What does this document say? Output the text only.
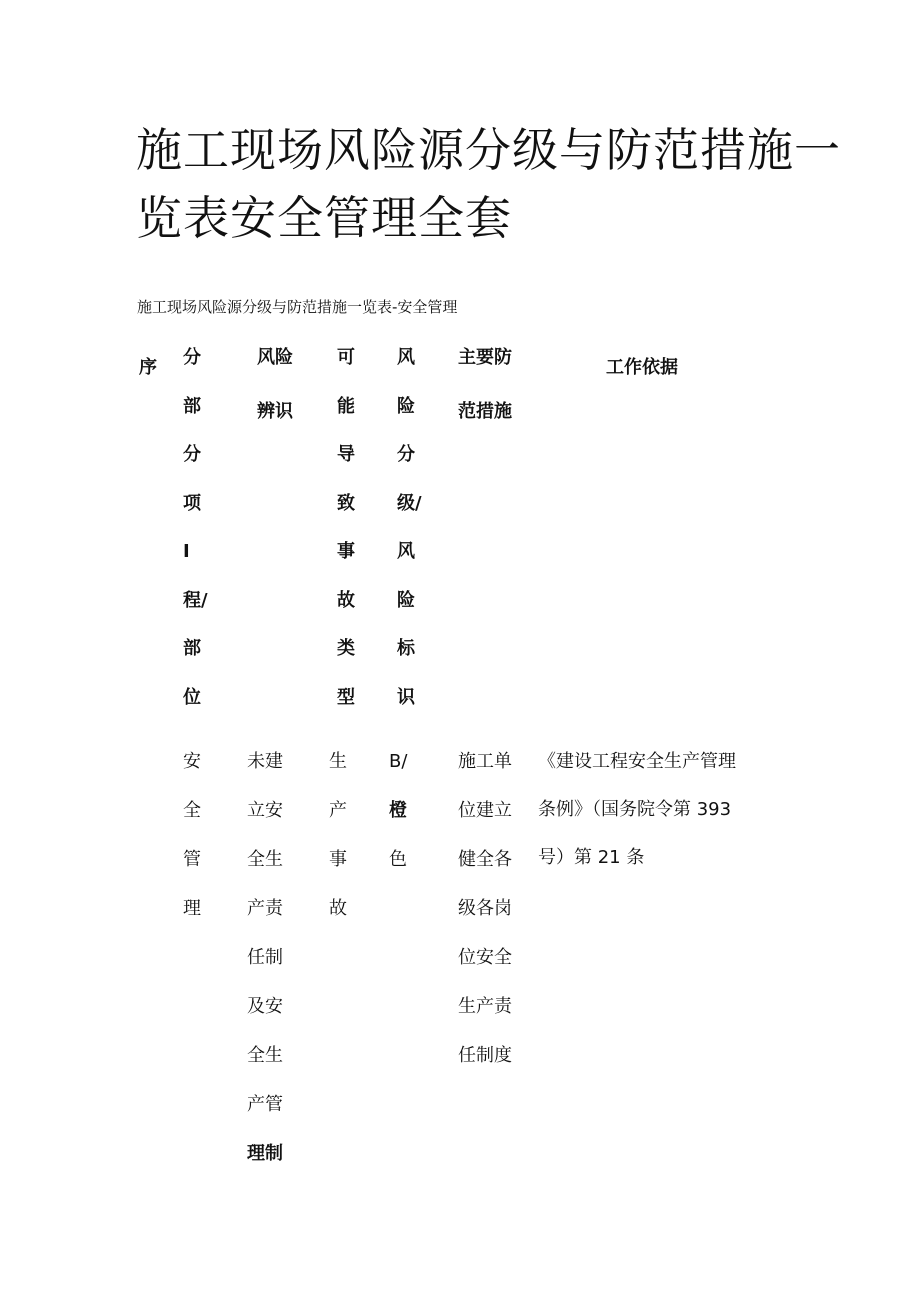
施工现场风险源分级与防范措施一
览表安全管理全套

施工现场风险源分级与防范措施一览表-安全管理

序 分
部
分
项
I
程/
部
位
风险
辨识
可
能
导
致
事
故
类
型
风
险
分
级/
风
险
标
识
主要防
范措施
工作依据
安
全
管
理
未建
立安
全生
产责
任制
及安
全生
产管
理制
生
产
事
故
B/
橙
色
施工单
位建立
健全各
级各岗
位安全
生产责
任制度
《建设工程安全生产管理
条例》（国务院令第 393
号）第 21 条
